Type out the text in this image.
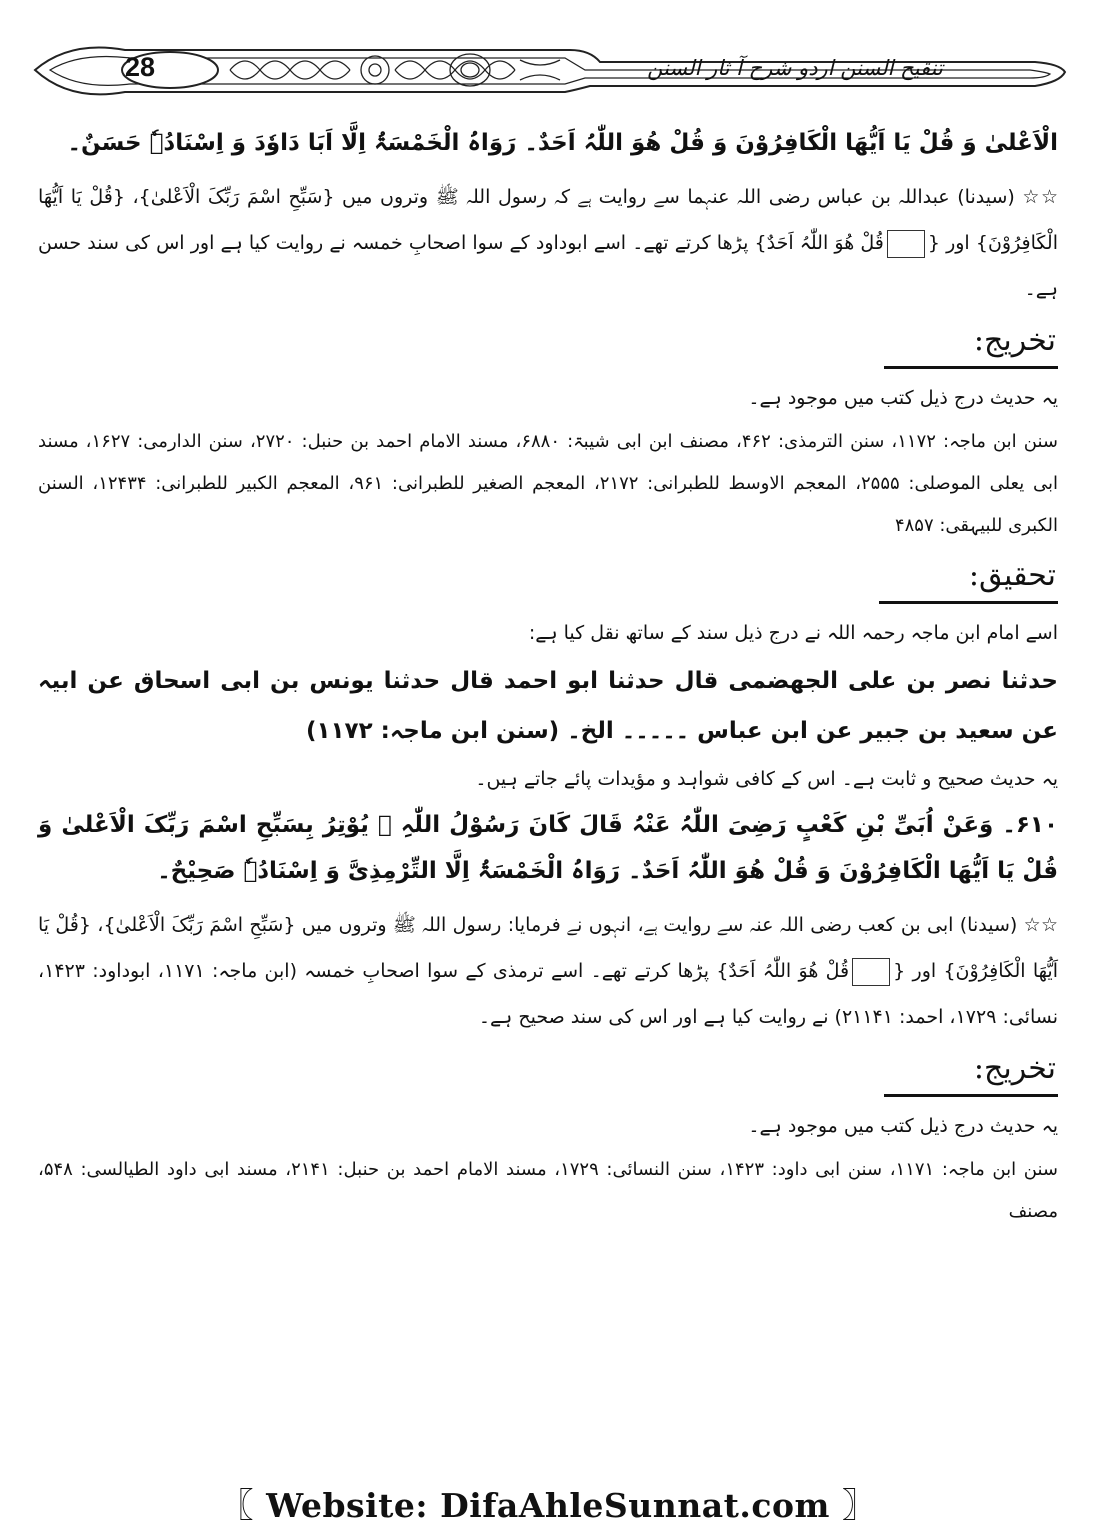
28	تنقیح السنن اردو شرح آ ثار السنن

الْاَعْلیٰ وَ قُلْ یَا اَیُّھَا الْکَافِرُوْنَ وَ قُلْ ھُوَ اللّٰہُ اَحَدٌ۔ رَوَاہُ الْخَمْسَۃُ اِلَّا اَبَا دَاوٗدَ وَ اِسْنَادُہٗ حَسَنٌ۔

☆☆ (سیدنا) عبداللہ بن عباس رضی اللہ عنہما سے روایت ہے کہ رسول اللہ ﷺ وتروں میں {سَبِّحِ اسْمَ رَبِّکَ الْاَعْلیٰ}، {قُلْ یَا اَیُّھَا الْکَافِرُوْنَ} اور {قُلْ ھُوَ اللّٰہُ اَحَدٌ} پڑھا کرتے تھے۔ اسے ابوداود کے سوا اصحابِ خمسہ نے روایت کیا ہے اور اس کی سند حسن ہے۔

تخریج:

یہ حدیث درج ذیل کتب میں موجود ہے۔

سنن ابن ماجہ: ۱۱۷۲، سنن الترمذی: ۴۶۲، مصنف ابن ابی شیبۃ: ۶۸۸۰، مسند الامام احمد بن حنبل: ۲۷۲۰، سنن الدارمی: ۱۶۲۷، مسند ابی یعلی الموصلی: ۲۵۵۵، المعجم الاوسط للطبرانی: ۲۱۷۲، المعجم الصغیر للطبرانی: ۹۶۱، المعجم الکبیر للطبرانی: ۱۲۴۳۴، السنن الکبری للبیہقی: ۴۸۵۷

تحقیق:

اسے امام ابن ماجہ رحمہ اللہ نے درج ذیل سند کے ساتھ نقل کیا ہے:

حدثنا نصر بن علی الجھضمی قال حدثنا ابو احمد قال حدثنا یونس بن ابی اسحاق عن ابیہ عن سعید بن جبیر عن ابن عباس ۔۔۔۔۔ الخ۔ (سنن ابن ماجہ: ۱۱۷۲)

یہ حدیث صحیح و ثابت ہے۔ اس کے کافی شواہد و مؤیدات پائے جاتے ہیں۔

۶۱۰۔ وَعَنْ اُبَیِّ بْنِ کَعْبٍ رَضِیَ اللّٰہُ عَنْہُ قَالَ کَانَ رَسُوْلُ اللّٰہِ ﷺ یُوْتِرُ بِسَبِّحِ اسْمَ رَبِّکَ الْاَعْلیٰ وَ قُلْ یَا اَیُّھَا الْکَافِرُوْنَ وَ قُلْ ھُوَ اللّٰہُ اَحَدٌ۔ رَوَاہُ الْخَمْسَۃُ اِلَّا التِّرْمِذِیَّ وَ اِسْنَادُہٗ صَحِیْحٌ۔

☆☆ (سیدنا) ابی بن کعب رضی اللہ عنہ سے روایت ہے، انہوں نے فرمایا: رسول اللہ ﷺ وتروں میں {سَبِّحِ اسْمَ رَبِّکَ الْاَعْلیٰ}، {قُلْ یَا اَیُّھَا الْکَافِرُوْنَ} اور {قُلْ ھُوَ اللّٰہُ اَحَدٌ} پڑھا کرتے تھے۔ اسے ترمذی کے سوا اصحابِ خمسہ (ابن ماجہ: ۱۱۷۱، ابوداود: ۱۴۲۳، نسائی: ۱۷۲۹، احمد: ۲۱۱۴۱) نے روایت کیا ہے اور اس کی سند صحیح ہے۔

تخریج:

یہ حدیث درج ذیل کتب میں موجود ہے۔

سنن ابن ماجہ: ۱۱۷۱، سنن ابی داود: ۱۴۲۳، سنن النسائی: ۱۷۲۹، مسند الامام احمد بن حنبل: ۲۱۴۱، مسند ابی داود الطیالسی: ۵۴۸، مصنف

〖 Website: DifaAhleSunnat.com 〗
